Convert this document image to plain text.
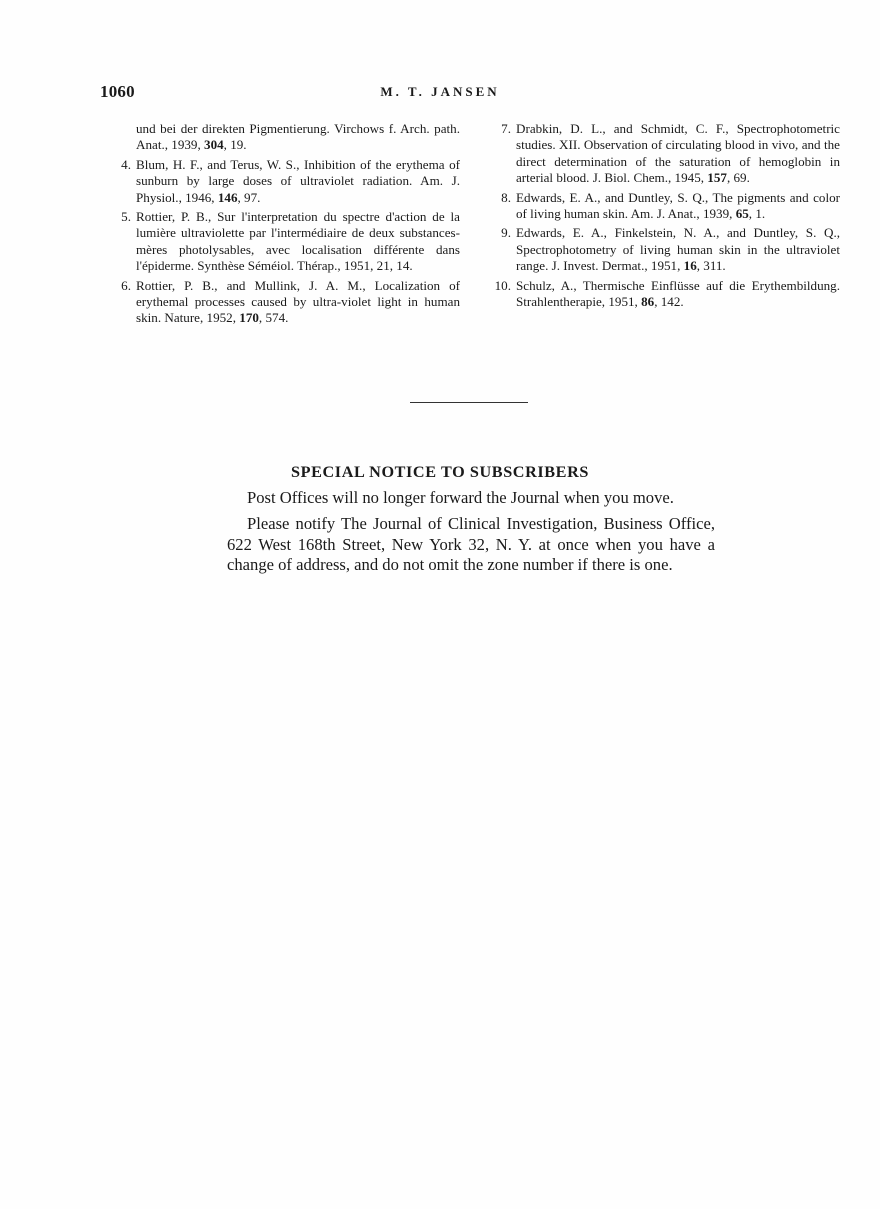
1060	M. T. JANSEN
und bei der direkten Pigmentierung. Virchows f. Arch. path. Anat., 1939, 304, 19.
4. Blum, H. F., and Terus, W. S., Inhibition of the erythema of sunburn by large doses of ultraviolet radiation. Am. J. Physiol., 1946, 146, 97.
5. Rottier, P. B., Sur l'interpretation du spectre d'action de la lumière ultraviolette par l'intermédiaire de deux substances-mères photolysables, avec localisation différente dans l'épiderme. Synthèse Séméiol. Thérap., 1951, 21, 14.
6. Rottier, P. B., and Mullink, J. A. M., Localization of erythemal processes caused by ultra-violet light in human skin. Nature, 1952, 170, 574.
7. Drabkin, D. L., and Schmidt, C. F., Spectrophotometric studies. XII. Observation of circulating blood in vivo, and the direct determination of the saturation of hemoglobin in arterial blood. J. Biol. Chem., 1945, 157, 69.
8. Edwards, E. A., and Duntley, S. Q., The pigments and color of living human skin. Am. J. Anat., 1939, 65, 1.
9. Edwards, E. A., Finkelstein, N. A., and Duntley, S. Q., Spectrophotometry of living human skin in the ultraviolet range. J. Invest. Dermat., 1951, 16, 311.
10. Schulz, A., Thermische Einflüsse auf die Erythembildung. Strahlentherapie, 1951, 86, 142.
SPECIAL NOTICE TO SUBSCRIBERS

Post Offices will no longer forward the Journal when you move.

Please notify The Journal of Clinical Investigation, Business Office, 622 West 168th Street, New York 32, N. Y. at once when you have a change of address, and do not omit the zone number if there is one.
